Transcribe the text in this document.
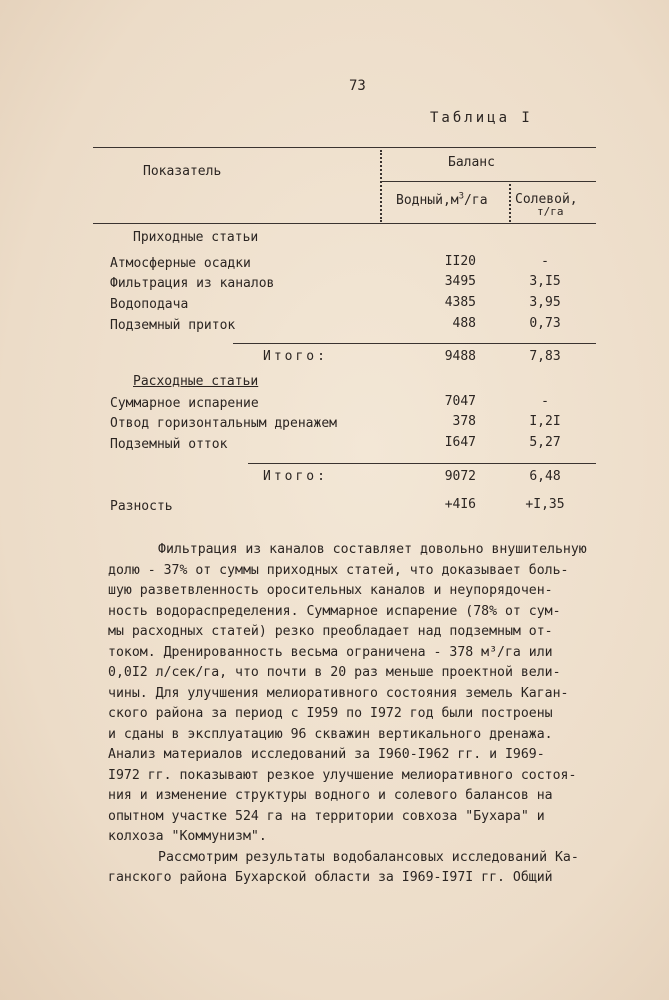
73
Таблица I
Показатель
Баланс
$Водный,м^3/га$ Солевой,
т/га
Приходные статьи
Атмосферные осадки	II20	-
Фильтрация из каналов	3495	3,I5
Водоподача	4385	3,95
Подземный приток	488	0,73
Итого:	9488	7,83
Расходные статьи
Суммарное испарение	7047	-
Отвод горизонтальным дренажем	378	I,2I
Подземный отток	I647	5,27
Итого:	9072	6,48
Разность	+4I6	+I,35

Фильтрация из каналов составляет довольно внушительную
долю - 37% от суммы приходных статей, что доказывает боль-
шую разветвленность оросительных каналов и неупорядочен-
ность водораспределения. Суммарное испарение (78% от сум-
мы расходных статей) резко преобладает над подземным от-
током. Дренированность весьма ограничена - 378 м³/га или
0,0I2 л/сек/га, что почти в 20 раз меньше проектной вели-
чины. Для улучшения мелиоративного состояния земель Каган-
ского района за период с I959 по I972 год были построены
и сданы в эксплуатацию 96 скважин вертикального дренажа.
Анализ материалов исследований за I960-I962 гг. и I969-
I972 гг. показывают резкое улучшение мелиоративного состоя-
ния и изменение структуры водного и солевого балансов на
опытном участке 524 га на территории совхоза "Бухара" и
колхоза "Коммунизм".

Рассмотрим результаты водобалансовых исследований Ка-
ганского района Бухарской области за I969-I97I гг. Общий
